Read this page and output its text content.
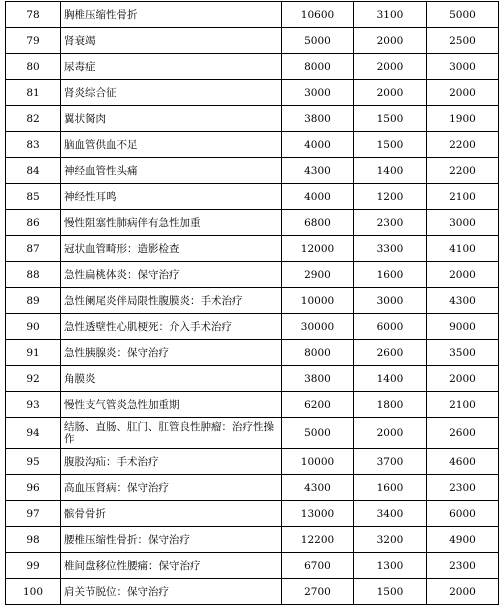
78	胸椎压缩性骨折	10600	3100	5000
79	肾衰竭	5000	2000	2500
80	尿毒症	8000	2000	3000
81	肾炎综合征	3000	2000	2000
82	翼状胬肉	3800	1500	1900
83	脑血管供血不足	4000	1500	2200
84	神经血管性头痛	4300	1400	2200
85	神经性耳鸣	4000	1200	2100
86	慢性阻塞性肺病伴有急性加重	6800	2300	3000
87	冠状血管畸形：造影检查	12000	3300	4100
88	急性扁桃体炎：保守治疗	2900	1600	2000
89	急性阑尾炎伴局限性腹膜炎：手术治疗	10000	3000	4300
90	急性透壁性心肌梗死：介入手术治疗	30000	6000	9000
91	急性胰腺炎：保守治疗	8000	2600	3500
92	角膜炎	3800	1400	2000
93	慢性支气管炎急性加重期	6200	1800	2100
94	结肠、直肠、肛门、肛管良性肿瘤：治疗性操作	5000	2000	2600
95	腹股沟疝：手术治疗	10000	3700	4600
96	高血压肾病：保守治疗	4300	1600	2300
97	髌骨骨折	13000	3400	6000
98	腰椎压缩性骨折：保守治疗	12200	3200	4900
99	椎间盘移位性腰痛：保守治疗	6700	1300	2300
100	肩关节脱位：保守治疗	2700	1500	2000
